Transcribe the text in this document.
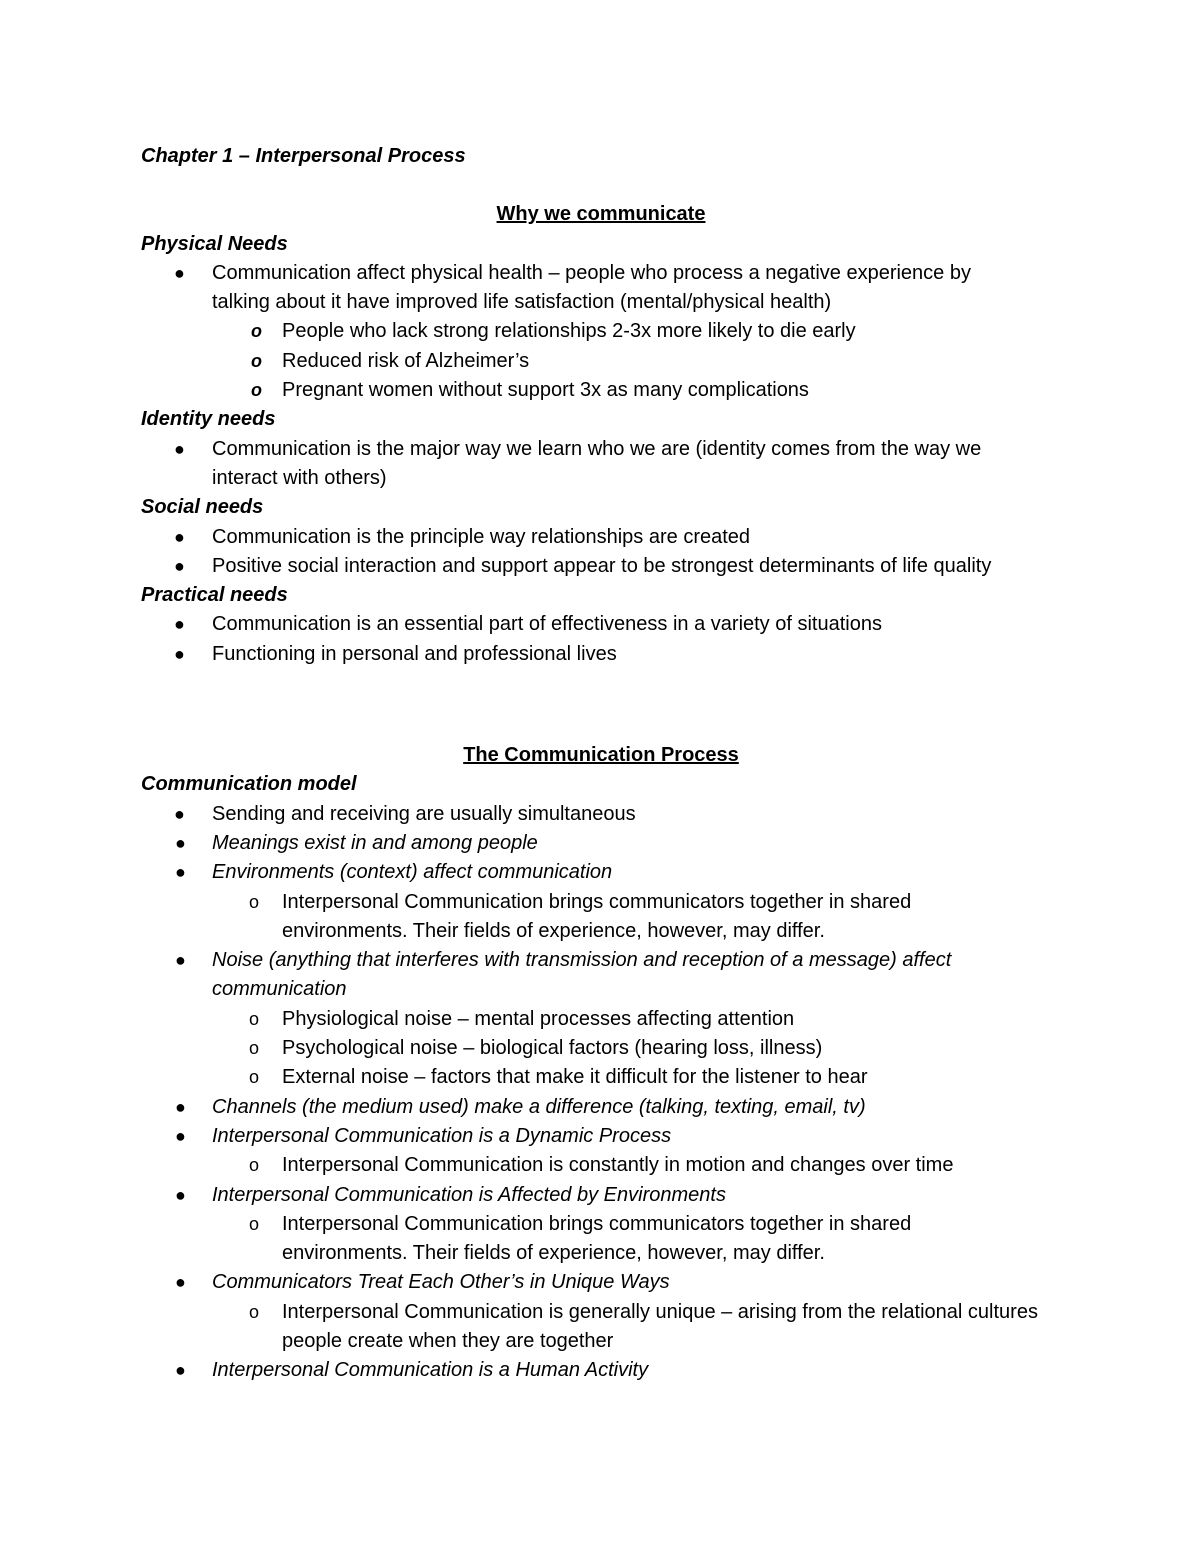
Chapter 1 – Interpersonal Process
Why we communicate
Physical Needs
● Communication affect physical health – people who process a negative experience by talking about it have improved life satisfaction (mental/physical health)
o People who lack strong relationships 2-3x more likely to die early
o Reduced risk of Alzheimer’s
o Pregnant women without support 3x as many complications
Identity needs
● Communication is the major way we learn who we are (identity comes from the way we interact with others)
Social needs
● Communication is the principle way relationships are created
● Positive social interaction and support appear to be strongest determinants of life quality
Practical needs
● Communication is an essential part of effectiveness in a variety of situations
● Functioning in personal and professional lives
The Communication Process
Communication model
● Sending and receiving are usually simultaneous
● Meanings exist in and among people
● Environments (context) affect communication
o Interpersonal Communication brings communicators together in shared environments. Their fields of experience, however, may differ.
● Noise (anything that interferes with transmission and reception of a message) affect communication
o Physiological noise – mental processes affecting attention
o Psychological noise – biological factors (hearing loss, illness)
o External noise – factors that make it difficult for the listener to hear
● Channels (the medium used) make a difference (talking, texting, email, tv)
● Interpersonal Communication is a Dynamic Process
o Interpersonal Communication is constantly in motion and changes over time
● Interpersonal Communication is Affected by Environments
o Interpersonal Communication brings communicators together in shared environments. Their fields of experience, however, may differ.
● Communicators Treat Each Other’s in Unique Ways
o Interpersonal Communication is generally unique – arising from the relational cultures people create when they are together
● Interpersonal Communication is a Human Activity
